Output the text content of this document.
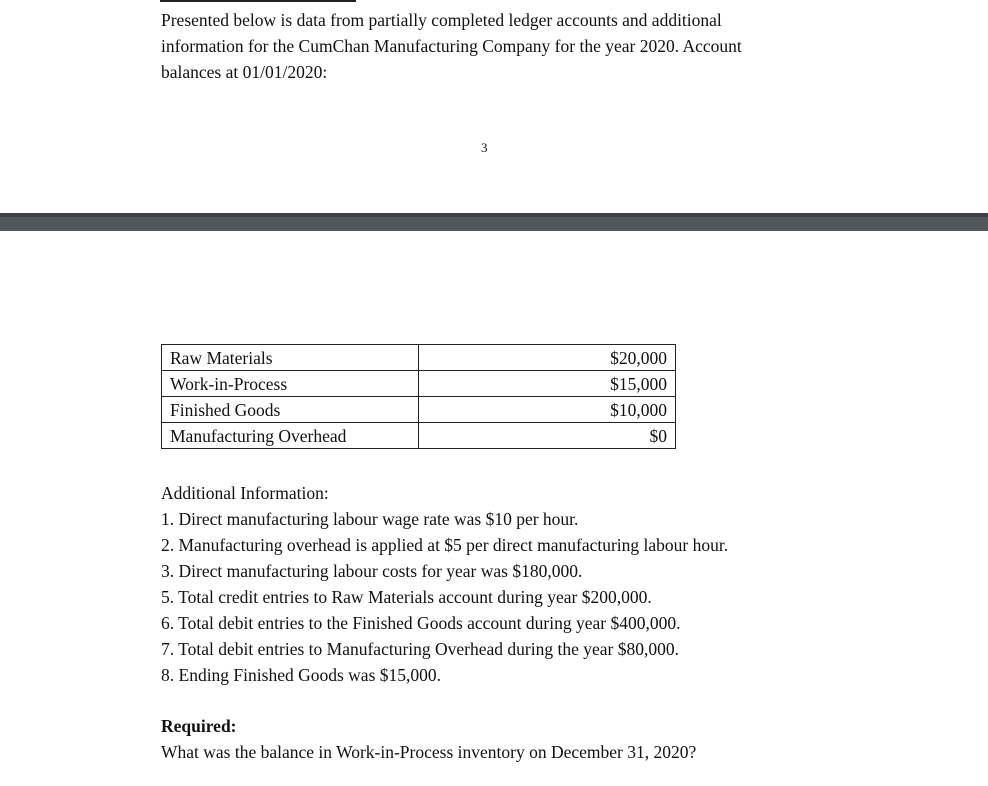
Presented below is data from partially completed ledger accounts and additional information for the CumChan Manufacturing Company for the year 2020. Account balances at 01/01/2020:

3
Raw Materials	$20,000
Work-in-Process	$15,000
Finished Goods	$10,000
Manufacturing Overhead	$0

Additional Information:

1. Direct manufacturing labour wage rate was $10 per hour.

2. Manufacturing overhead is applied at $5 per direct manufacturing labour hour.

3. Direct manufacturing labour costs for year was $180,000.

5. Total credit entries to Raw Materials account during year $200,000.

6. Total debit entries to the Finished Goods account during year $400,000.

7. Total debit entries to Manufacturing Overhead during the year $80,000.

8. Ending Finished Goods was $15,000.

Required:

What was the balance in Work-in-Process inventory on December 31, 2020?
